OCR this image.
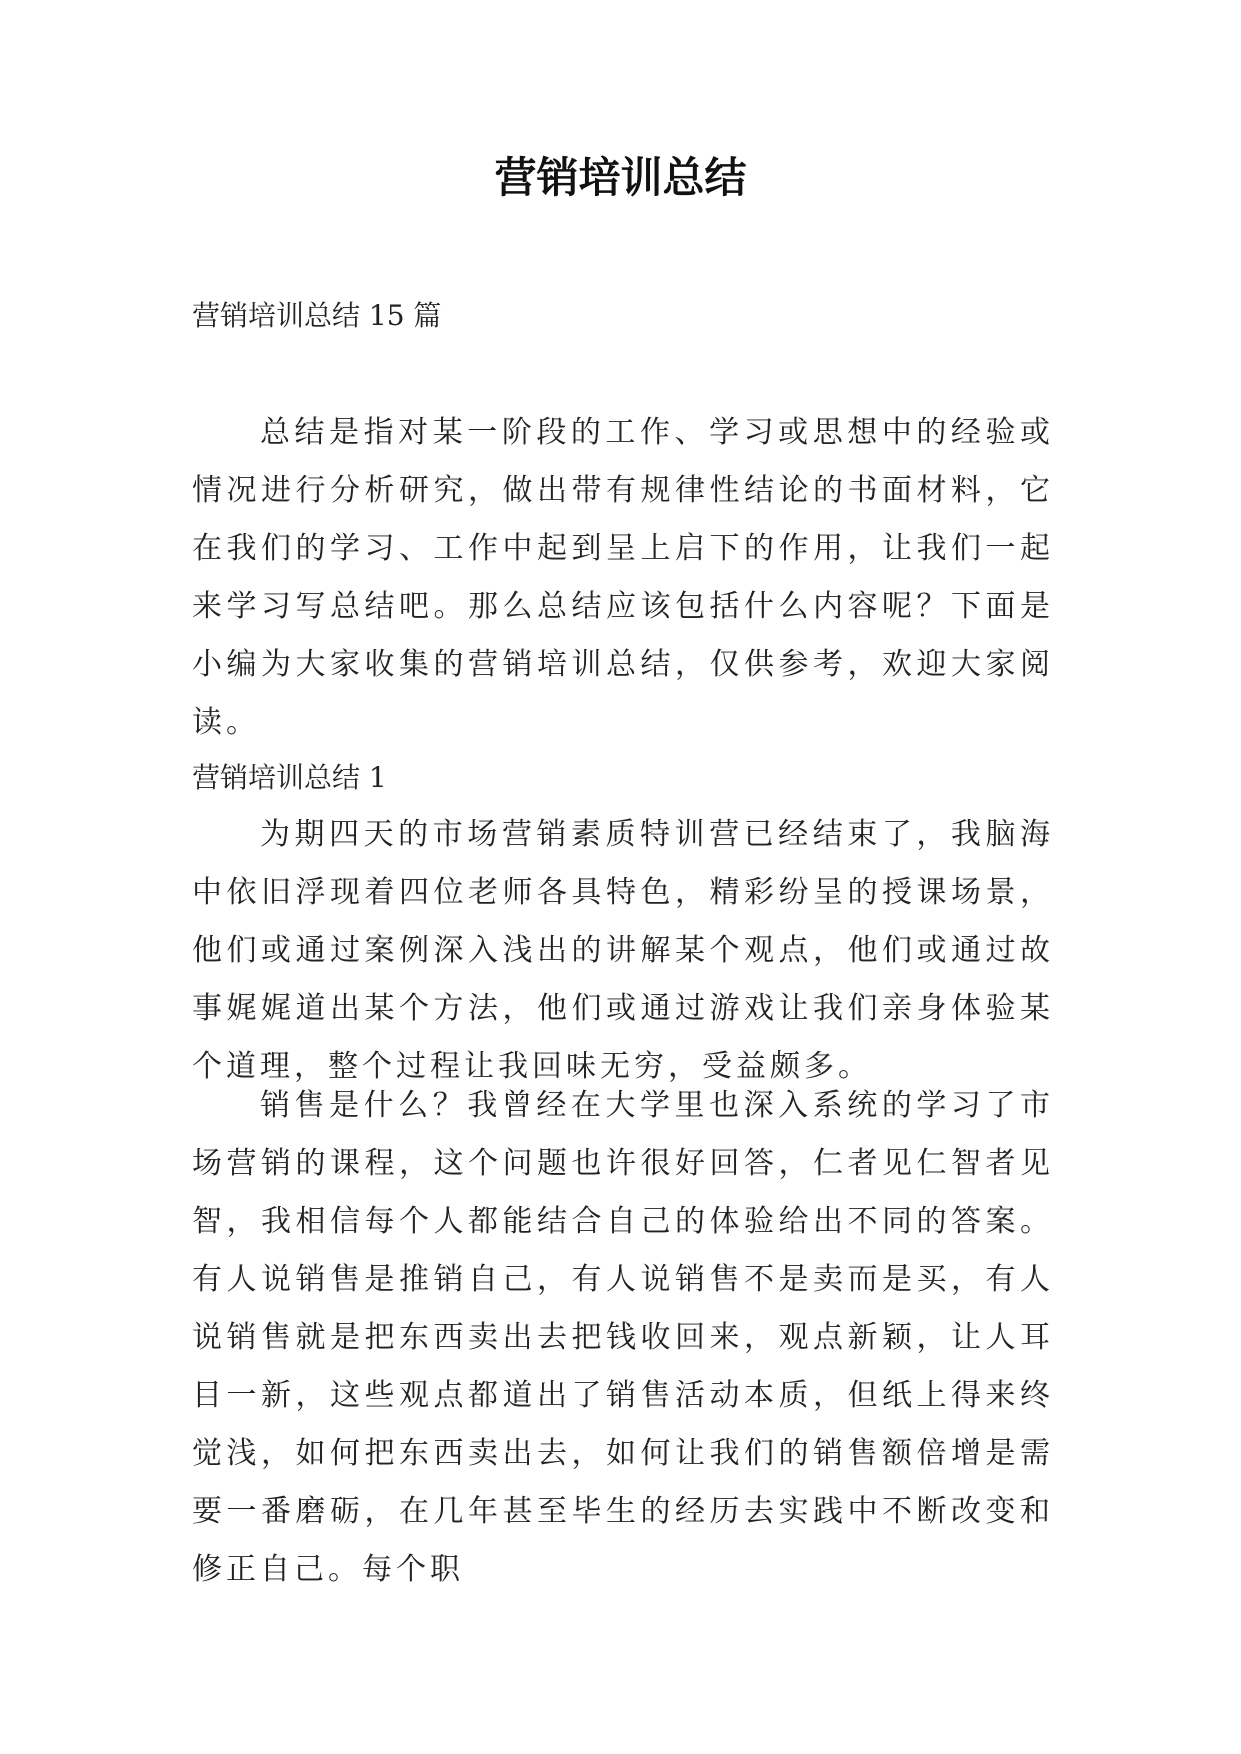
营销培训总结

营销培训总结 15 篇

总结是指对某一阶段的工作、学习或思想中的经验或情况进行分析研究，做出带有规律性结论的书面材料，它在我们的学习、工作中起到呈上启下的作用，让我们一起来学习写总结吧。那么总结应该包括什么内容呢？下面是小编为大家收集的营销培训总结，仅供参考，欢迎大家阅读。

营销培训总结 1

为期四天的市场营销素质特训营已经结束了，我脑海中依旧浮现着四位老师各具特色，精彩纷呈的授课场景，他们或通过案例深入浅出的讲解某个观点，他们或通过故事娓娓道出某个方法，他们或通过游戏让我们亲身体验某个道理，整个过程让我回味无穷，受益颇多。

销售是什么？我曾经在大学里也深入系统的学习了市场营销的课程，这个问题也许很好回答，仁者见仁智者见智，我相信每个人都能结合自己的体验给出不同的答案。有人说销售是推销自己，有人说销售不是卖而是买，有人说销售就是把东西卖出去把钱收回来，观点新颖，让人耳目一新，这些观点都道出了销售活动本质，但纸上得来终觉浅，如何把东西卖出去，如何让我们的销售额倍增是需要一番磨砺，在几年甚至毕生的经历去实践中不断改变和修正自己。每个职
